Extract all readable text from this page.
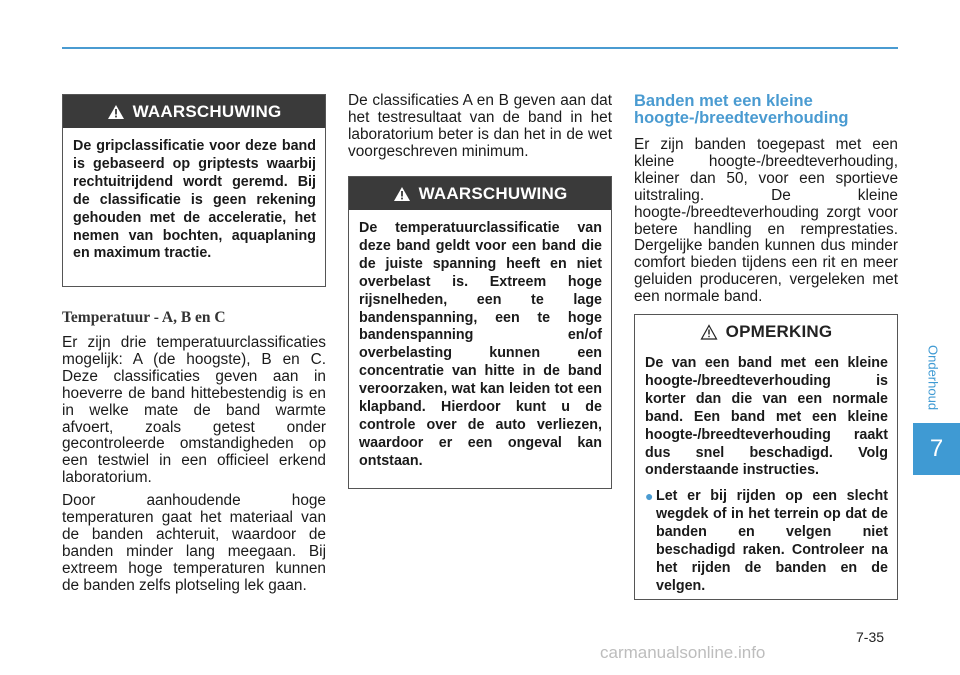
WAARSCHUWING
De gripclassificatie voor deze band is gebaseerd op griptests waarbij rechtuitrijdend wordt geremd. Bij de classificatie is geen rekening gehouden met de acceleratie, het nemen van bochten, aquaplaning en maximum tractie.
Temperatuur - A, B en C

Er zijn drie temperatuurclassificaties mogelijk: A (de hoogste), B en C. Deze classificaties geven aan in hoeverre de band hittebestendig is en in welke mate de band warmte afvoert, zoals getest onder gecontroleerde omstandigheden op een testwiel in een officieel erkend laboratorium.

Door aanhoudende hoge temperaturen gaat het materiaal van de banden achteruit, waardoor de banden minder lang meegaan. Bij extreem hoge temperaturen kunnen de banden zelfs plotseling lek gaan.

De classificaties A en B geven aan dat het testresultaat van de band in het laboratorium beter is dan het in de wet voorgeschreven minimum.

WAARSCHUWING
De temperatuurclassificatie van deze band geldt voor een band die de juiste spanning heeft en niet overbelast is. Extreem hoge rijsnelheden, een te lage bandenspanning, een te hoge bandenspanning en/of overbelasting kunnen een concentratie van hitte in de band veroorzaken, wat kan leiden tot een klapband. Hierdoor kunt u de controle over de auto verliezen, waardoor er een ongeval kan ontstaan.
Banden met een kleine hoogte-/breedteverhouding

Er zijn banden toegepast met een kleine hoogte-/breedteverhouding, kleiner dan 50, voor een sportieve uitstraling. De kleine hoogte-/breedteverhouding zorgt voor betere handling en remprestaties. Dergelijke banden kunnen dus minder comfort bieden tijdens een rit en meer geluiden produceren, vergeleken met een normale band.

OPMERKING
De van een band met een kleine hoogte-/breedteverhouding is korter dan die van een normale band. Een band met een kleine hoogte-/breedteverhouding raakt dus snel beschadigd. Volg onderstaande instructies.
● Let er bij rijden op een slecht wegdek of in het terrein op dat de banden en velgen niet beschadigd raken. Controleer na het rijden de banden en de velgen.
Onderhoud
7
7-35
carmanualsonline.info
